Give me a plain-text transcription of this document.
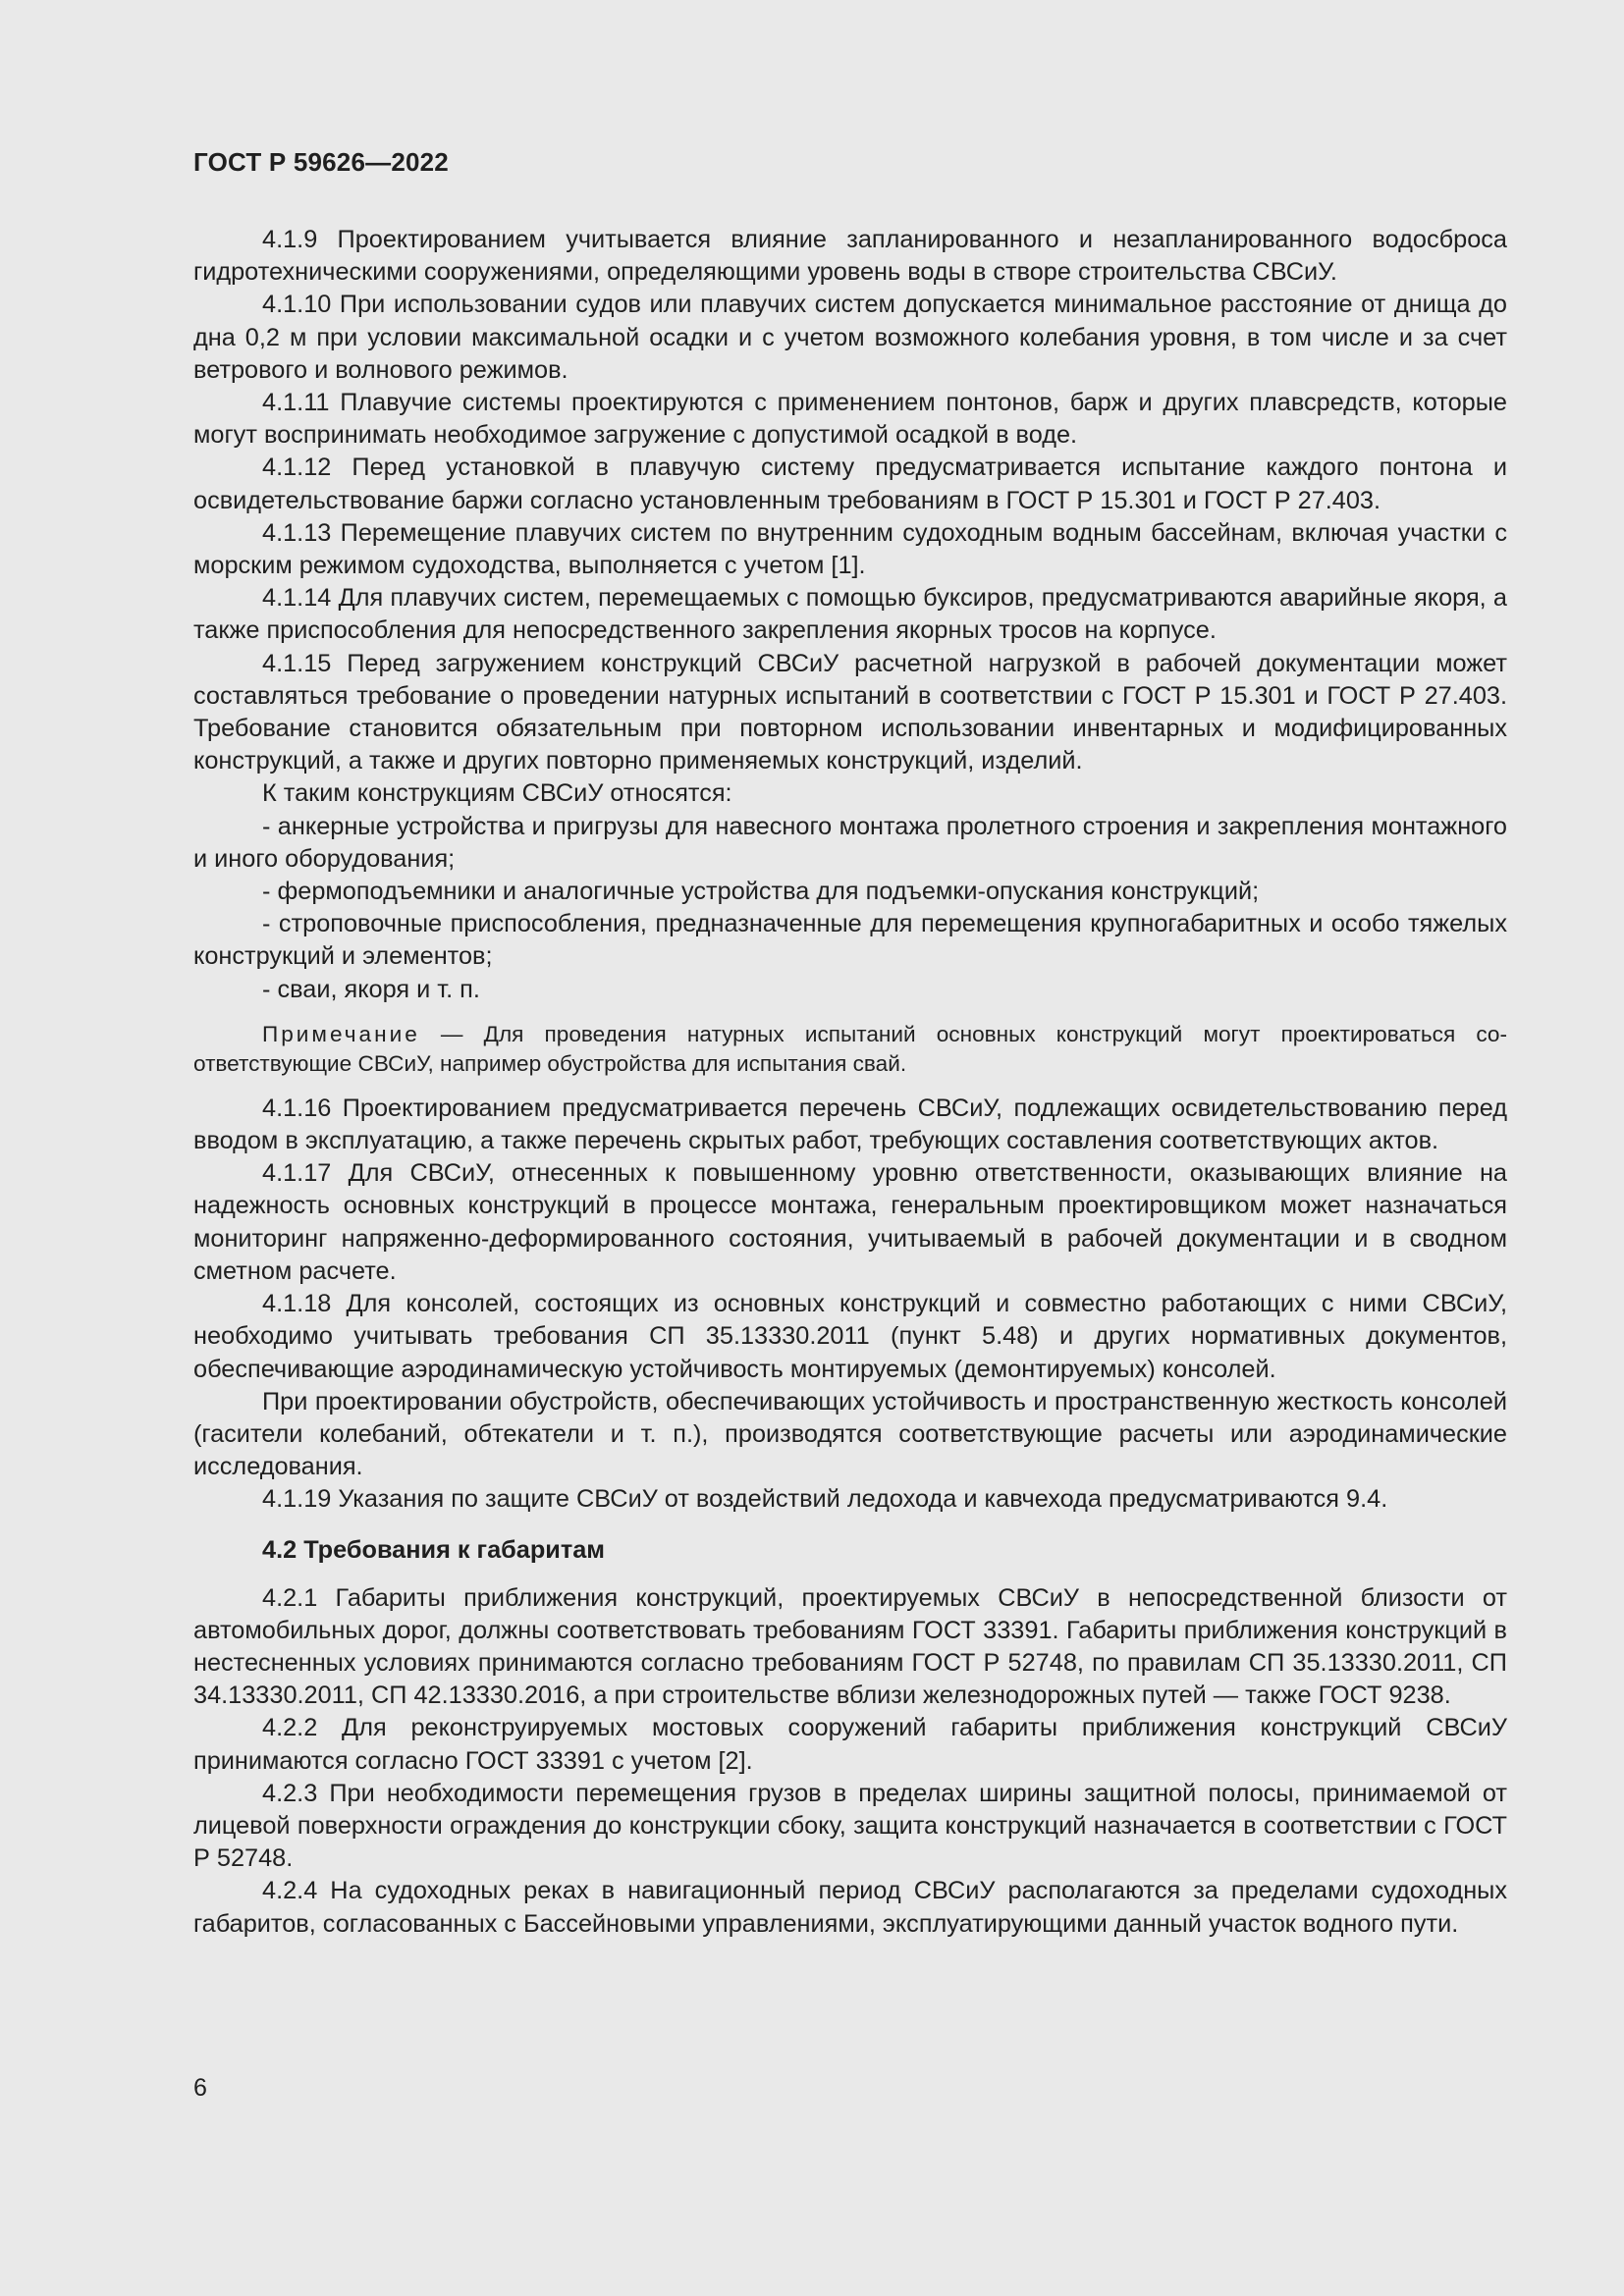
ГОСТ Р 59626—2022

4.1.9 Проектированием учитывается влияние запланированного и незапланированного водосброса гидротехническими сооружениями, определяющими уровень воды в створе строительства СВСиУ.

4.1.10 При использовании судов или плавучих систем допускается минимальное расстояние от днища до дна 0,2 м при условии максимальной осадки и с учетом возможного колебания уровня, в том числе и за счет ветрового и волнового режимов.

4.1.11 Плавучие системы проектируются с применением понтонов, барж и других плавсредств, которые могут воспринимать необходимое загружение с допустимой осадкой в воде.

4.1.12 Перед установкой в плавучую систему предусматривается испытание каждого понтона и освидетельствование баржи согласно установленным требованиям в ГОСТ Р 15.301 и ГОСТ Р 27.403.

4.1.13 Перемещение плавучих систем по внутренним судоходным водным бассейнам, включая участки с морским режимом судоходства, выполняется с учетом [1].

4.1.14 Для плавучих систем, перемещаемых с помощью буксиров, предусматриваются аварийные якоря, а также приспособления для непосредственного закрепления якорных тросов на корпусе.

4.1.15 Перед загружением конструкций СВСиУ расчетной нагрузкой в рабочей документации может составляться требование о проведении натурных испытаний в соответствии с ГОСТ Р 15.301 и ГОСТ Р 27.403. Требование становится обязательным при повторном использовании инвентарных и модифицированных конструкций, а также и других повторно применяемых конструкций, изделий.

К таким конструкциям СВСиУ относятся:

- анкерные устройства и пригрузы для навесного монтажа пролетного строения и закрепления монтажного и иного оборудования;

- фермоподъемники и аналогичные устройства для подъемки-опускания конструкций;

- строповочные приспособления, предназначенные для перемещения крупногабаритных и особо тяжелых конструкций и элементов;

- сваи, якоря и т. п.

Примечание — Для проведения натурных испытаний основных конструкций могут проектироваться соответствующие СВСиУ, например обустройства для испытания свай.

4.1.16 Проектированием предусматривается перечень СВСиУ, подлежащих освидетельствованию перед вводом в эксплуатацию, а также перечень скрытых работ, требующих составления соответствующих актов.

4.1.17 Для СВСиУ, отнесенных к повышенному уровню ответственности, оказывающих влияние на надежность основных конструкций в процессе монтажа, генеральным проектировщиком может назначаться мониторинг напряженно-деформированного состояния, учитываемый в рабочей документации и в сводном сметном расчете.

4.1.18 Для консолей, состоящих из основных конструкций и совместно работающих с ними СВСиУ, необходимо учитывать требования СП 35.13330.2011 (пункт 5.48) и других нормативных документов, обеспечивающие аэродинамическую устойчивость монтируемых (демонтируемых) консолей.

При проектировании обустройств, обеспечивающих устойчивость и пространственную жесткость консолей (гасители колебаний, обтекатели и т. п.), производятся соответствующие расчеты или аэродинамические исследования.

4.1.19 Указания по защите СВСиУ от воздействий ледохода и кавчехода предусматриваются 9.4.

4.2 Требования к габаритам

4.2.1 Габариты приближения конструкций, проектируемых СВСиУ в непосредственной близости от автомобильных дорог, должны соответствовать требованиям ГОСТ 33391. Габариты приближения конструкций в нестесненных условиях принимаются согласно требованиям ГОСТ Р 52748, по правилам СП 35.13330.2011, СП 34.13330.2011, СП 42.13330.2016, а при строительстве вблизи железнодорожных путей — также ГОСТ 9238.

4.2.2 Для реконструируемых мостовых сооружений габариты приближения конструкций СВСиУ принимаются согласно ГОСТ 33391 с учетом [2].

4.2.3 При необходимости перемещения грузов в пределах ширины защитной полосы, принимаемой от лицевой поверхности ограждения до конструкции сбоку, защита конструкций назначается в соответствии с ГОСТ Р 52748.

4.2.4 На судоходных реках в навигационный период СВСиУ располагаются за пределами судоходных габаритов, согласованных с Бассейновыми управлениями, эксплуатирующими данный участок водного пути.

6
